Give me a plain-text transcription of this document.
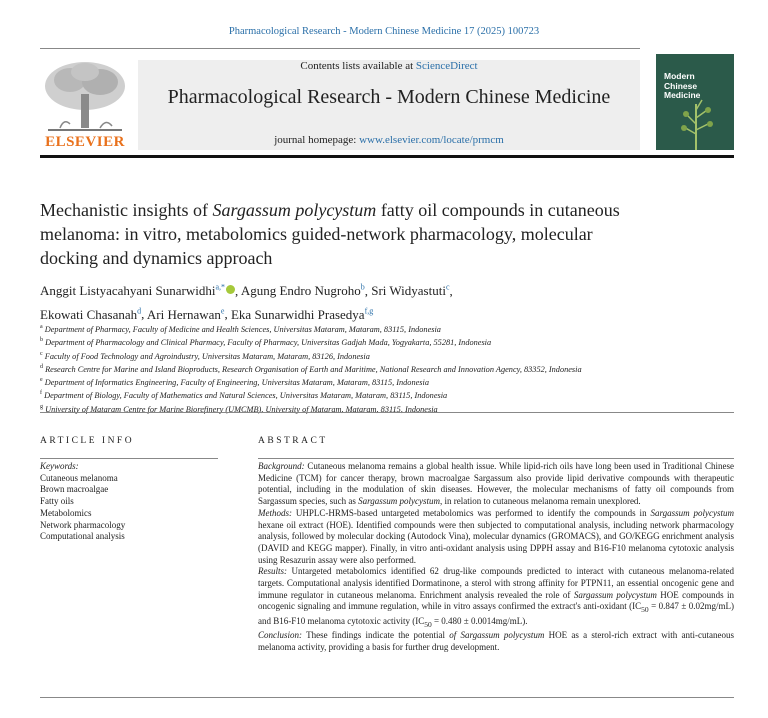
Pharmacological Research - Modern Chinese Medicine 17 (2025) 100723
ELSEVIER
Contents lists available at ScienceDirect
Pharmacological Research - Modern Chinese Medicine
journal homepage: www.elsevier.com/locate/prmcm
Modern Chinese Medicine
Mechanistic insights of Sargassum polycystum fatty oil compounds in cutaneous melanoma: in vitro, metabolomics guided-network pharmacology, molecular docking and dynamics approach
Anggit Listyacahyani Sunarwidhi$^{a,*}$ , Agung Endro Nugroho$^b$, Sri Widyastuti$^c$,
Ekowati Chasanah$^d$, Ari Hernawan$^e$, Eka Sunarwidhi Prasedya$^{f,g}$
$^a$ Department of Pharmacy, Faculty of Medicine and Health Sciences, Universitas Mataram, Mataram, 83115, Indonesia
$^b$ Department of Pharmacology and Clinical Pharmacy, Faculty of Pharmacy, Universitas Gadjah Mada, Yogyakarta, 55281, Indonesia
$^c$ Faculty of Food Technology and Agroindustry, Universitas Mataram, Mataram, 83126, Indonesia
$^d$ Research Centre for Marine and Island Bioproducts, Research Organisation of Earth and Maritime, National Research and Innovation Agency, 83352, Indonesia
$^e$ Department of Informatics Engineering, Faculty of Engineering, Universitas Mataram, Mataram, 83115, Indonesia
$^f$ Department of Biology, Faculty of Mathematics and Natural Sciences, Universitas Mataram, Mataram, 83115, Indonesia
$^g$ University of Mataram Centre for Marine Biorefinery (UMCMB), University of Mataram, Mataram, 83115, Indonesia
ARTICLE INFO	ABSTRACT
Keywords:
Cutaneous melanoma
Brown macroalgae
Fatty oils
Metabolomics
Network pharmacology
Computational analysis

Background: Cutaneous melanoma remains a global health issue. While lipid-rich oils have long been used in Traditional Chinese Medicine (TCM) for cancer therapy, brown macroalgae Sargassum also provide lipid derivative compounds with therapeutic potential, including in the modulation of skin diseases. However, the molecular mechanisms of fatty oil compounds from Sargassum species, such as Sargassum polycystum, in relation to cutaneous melanoma remain unexplored.

Methods: UHPLC-HRMS-based untargeted metabolomics was performed to identify the compounds in Sargassum polycystum hexane oil extract (HOE). Identified compounds were then subjected to computational analysis, including network pharmacology analysis, followed by molecular docking (Autodock Vina), molecular dynamics (GROMACS), and GO/KEGG enrichment analysis (DAVID and KEGG mapper). Finally, in vitro anti-oxidant analysis using DPPH assay and B16-F10 melanoma cytotoxic analysis using Resazurin assay were also performed.

Results: Untargeted metabolomics identified 62 drug-like compounds predicted to interact with cutaneous melanoma-related targets. Computational analysis identified Dormatinone, a sterol with strong affinity for PTPN11, an essential oncogenic gene and immune regulator in cutaneous melanoma. Enrichment analysis revealed the role of Sargassum polycystum HOE compounds in oncogenic signaling and immune regulation, while in vitro assays confirmed the extract's anti-oxidant $(IC_{50} = 0.847 \pm 0.02mg/mL)$ and B16-F10 melanoma cytotoxic activity $(IC_{50} = 0.480 \pm 0.0014mg/mL)$.

Conclusion: These findings indicate the potential of Sargassum polycystum HOE as a sterol-rich extract with anti-cutaneous melanoma activity, providing a basis for further drug development.
